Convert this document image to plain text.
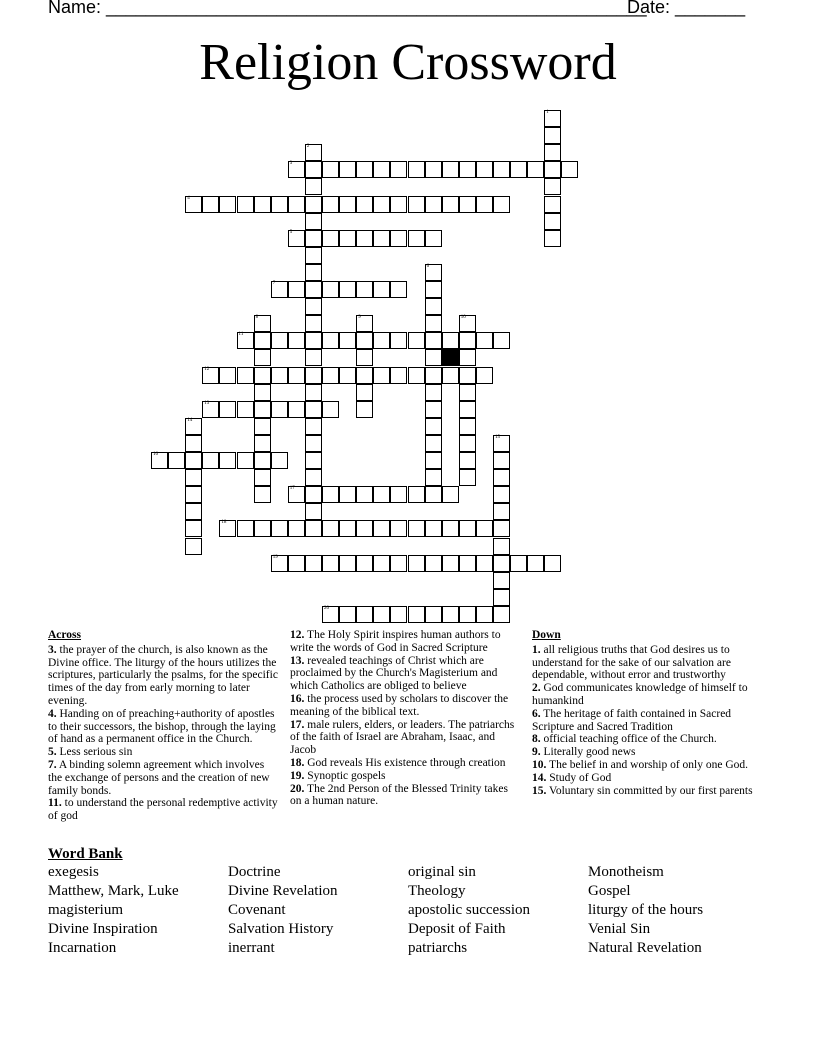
Name: ______________________________________________________
Date: _______
Religion Crossword
1
2
3
4
5
6
7
8	9	10
11
12
13
14
15
16
17
18
19
20
Across
3. the prayer of the church, is also known as the Divine office. The liturgy of the hours utilizes the scriptures, particularly the psalms, for the specific times of the day from early morning to later evening.
4. Handing on of preaching+authority of apostles to their successors, the bishop, through the laying of hand as a permanent office in the Church.
5. Less serious sin
7. A binding solemn agreement which involves the exchange of persons and the creation of new family bonds.
11. to understand the personal redemptive activity of god
12. The Holy Spirit inspires human authors to write the words of God in Sacred Scripture
13. revealed teachings of Christ which are proclaimed by the Church's Magisterium and which Catholics are obliged to believe
16. the process used by scholars to discover the meaning of the biblical text.
17. male rulers, elders, or leaders. The patriarchs of the faith of Israel are Abraham, Isaac, and Jacob
18. God reveals His existence through creation
19. Synoptic gospels
20. The 2nd Person of the Blessed Trinity takes on a human nature.
Down
1. all religious truths that God desires us to understand for the sake of our salvation are dependable, without error and trustworthy
2. God communicates knowledge of himself to humankind
6. The heritage of faith contained in Sacred Scripture and Sacred Tradition
8. official teaching office of the Church.
9. Literally good news
10. The belief in and worship of only one God.
14. Study of God
15. Voluntary sin committed by our first parents
Word Bank
exegesis	Doctrine	original sin	Monotheism
Matthew, Mark, Luke	Divine Revelation	Theology	Gospel
magisterium	Covenant	apostolic succession	liturgy of the hours
Divine Inspiration	Salvation History	Deposit of Faith	Venial Sin
Incarnation	inerrant	patriarchs	Natural Revelation
